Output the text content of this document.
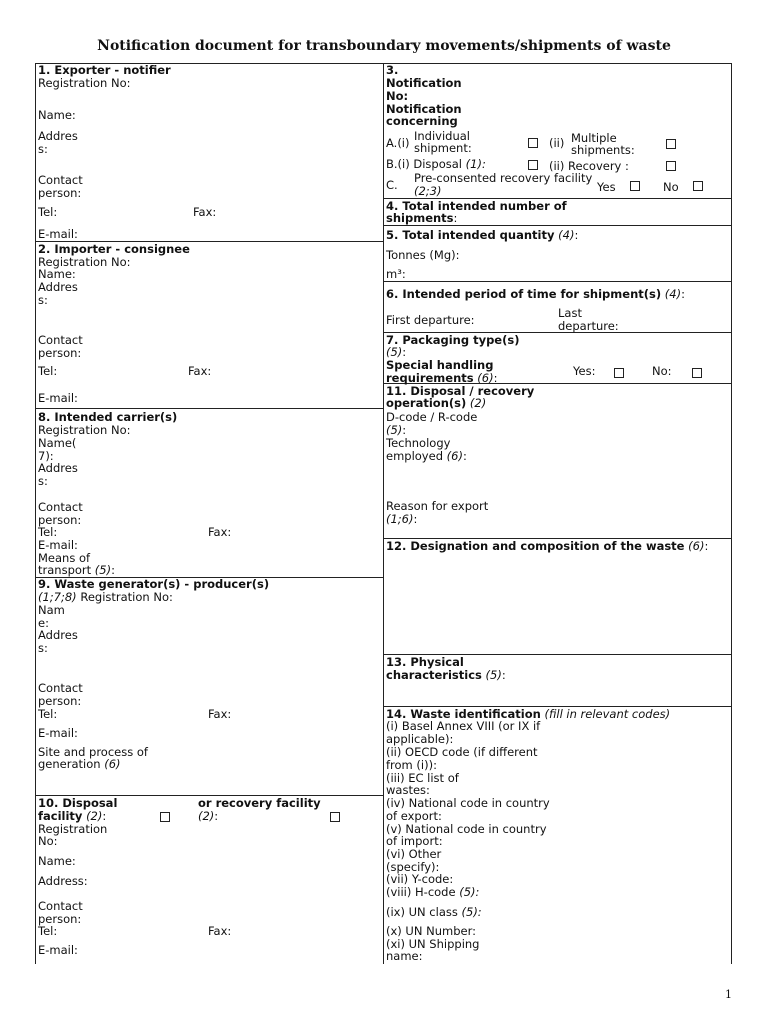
Notification document for transboundary movements/shipments of waste
1. Exporter - notifier
Registration No:
Name:
Addres
s:
Contact
person:
Tel:	Fax:
E-mail:
2. Importer - consignee
Registration No:
Name:
Addres
s:
Contact
person:
Tel:	Fax:
E-mail:
8. Intended carrier(s)
Registration No:
Name(
7):
Addres
s:
Contact
person:
Tel:	Fax:
E-mail:
Means of
transport (5):
9. Waste generator(s) - producer(s)
(1;7;8) Registration No:
Nam
e:
Addres
s:
Contact
person:
Tel:	Fax:
E-mail:
Site and process of
generation (6)
10. Disposal
facility (2):
or recovery facility
(2):
Registration
No:
Name:
Address:
Contact
person:
Tel:	Fax:
E-mail:
3.
Notification
No:
Notification
concerning
A.(i) Individual
shipment:	(ii) Multiple
shipments:
B.(i) Disposal (1):	(ii) Recovery :
C. Pre-consented recovery facility
(2;3)	Yes	No
4. Total intended number of
shipments:
5. Total intended quantity (4):
Tonnes (Mg):
m³:
6. Intended period of time for shipment(s) (4):
First departure:	Last
departure:
7. Packaging type(s)
(5):
Special handling
requirements (6):	Yes:	No:
11. Disposal / recovery
operation(s) (2)
D-code / R-code
(5):
Technology
employed (6):
Reason for export
(1;6):
12. Designation and composition of the waste (6):
13. Physical
characteristics (5):
14. Waste identification (fill in relevant codes)
(i) Basel Annex VIII (or IX if
applicable):
(ii) OECD code (if different
from (i)):
(iii) EC list of
wastes:
(iv) National code in country
of export:
(v) National code in country
of import:
(vi) Other
(specify):
(vii) Y-code:
(viii) H-code (5):
(ix) UN class (5):
(x) UN Number:
(xi) UN Shipping
name:
1
